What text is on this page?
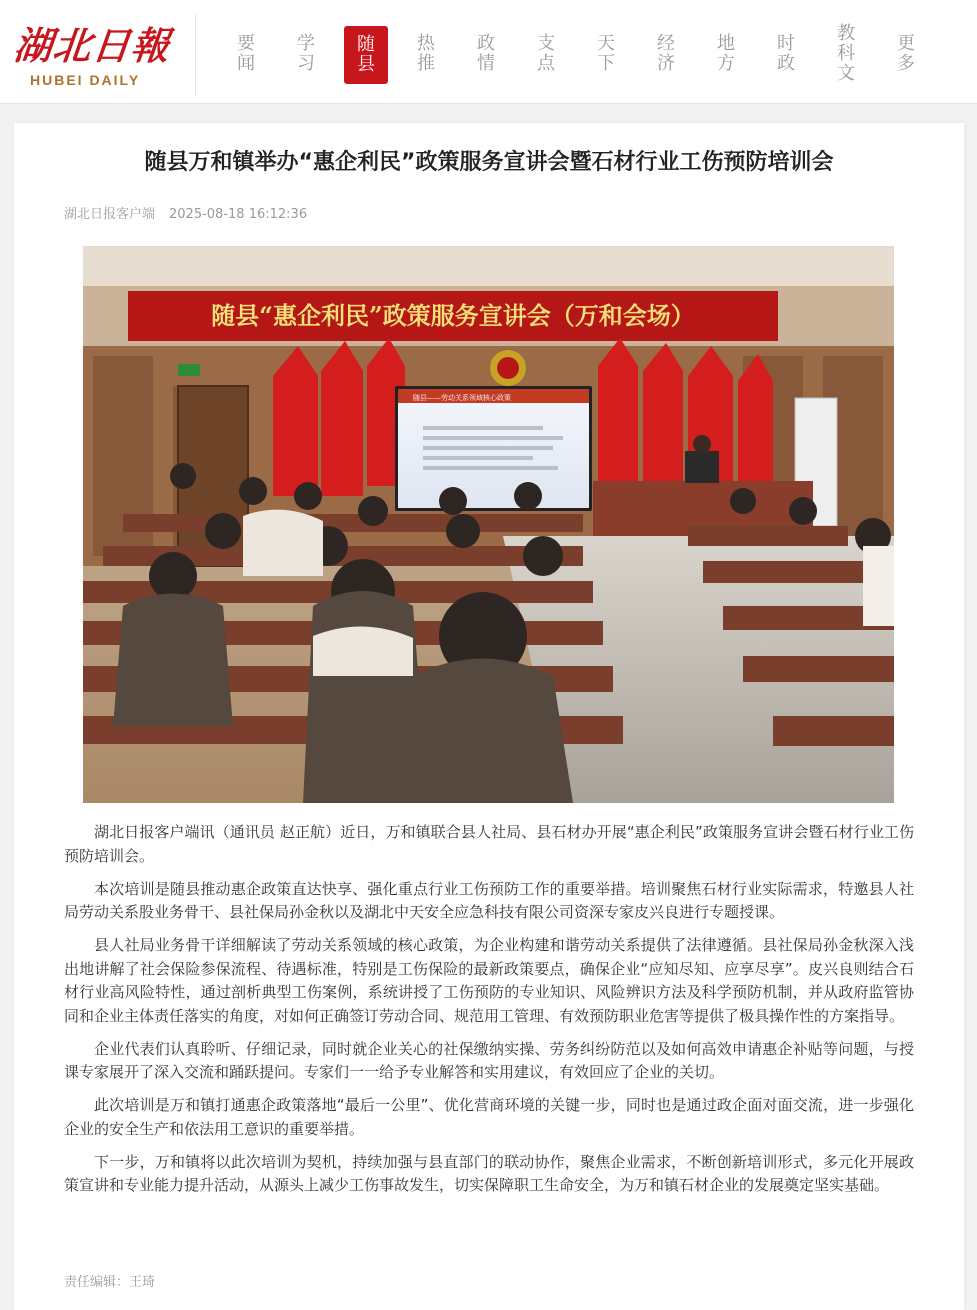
湖北日報
HUBEI DAILY
要闻
学习
随县
热推
政情
支点
天下
经济
地方
时政
教科文
更多
随县万和镇举办“惠企利民”政策服务宣讲会暨石材行业工伤预防培训会
湖北日报客户端 2025-08-18 16:12:36
随县“惠企利民”政策服务宣讲会（万和会场）
随县——劳动关系领域核心政策

湖北日报客户端讯（通讯员 赵正航）近日，万和镇联合县人社局、县石材办开展“惠企利民”政策服务宣讲会暨石材行业工伤预防培训会。

本次培训是随县推动惠企政策直达快享、强化重点行业工伤预防工作的重要举措。培训聚焦石材行业实际需求，特邀县人社局劳动关系股业务骨干、县社保局孙金秋以及湖北中天安全应急科技有限公司资深专家皮兴良进行专题授课。

县人社局业务骨干详细解读了劳动关系领域的核心政策，为企业构建和谐劳动关系提供了法律遵循。县社保局孙金秋深入浅出地讲解了社会保险参保流程、待遇标准，特别是工伤保险的最新政策要点，确保企业“应知尽知、应享尽享”。皮兴良则结合石材行业高风险特性，通过剖析典型工伤案例，系统讲授了工伤预防的专业知识、风险辨识方法及科学预防机制，并从政府监管协同和企业主体责任落实的角度，对如何正确签订劳动合同、规范用工管理、有效预防职业危害等提供了极具操作性的方案指导。

企业代表们认真聆听、仔细记录，同时就企业关心的社保缴纳实操、劳务纠纷防范以及如何高效申请惠企补贴等问题，与授课专家展开了深入交流和踊跃提问。专家们一一给予专业解答和实用建议，有效回应了企业的关切。

此次培训是万和镇打通惠企政策落地“最后一公里”、优化营商环境的关键一步，同时也是通过政企面对面交流，进一步强化企业的安全生产和依法用工意识的重要举措。

下一步，万和镇将以此次培训为契机，持续加强与县直部门的联动协作，聚焦企业需求，不断创新培训形式，多元化开展政策宣讲和专业能力提升活动，从源头上减少工伤事故发生，切实保障职工生命安全，为万和镇石材企业的发展奠定坚实基础。

责任编辑：王琦
